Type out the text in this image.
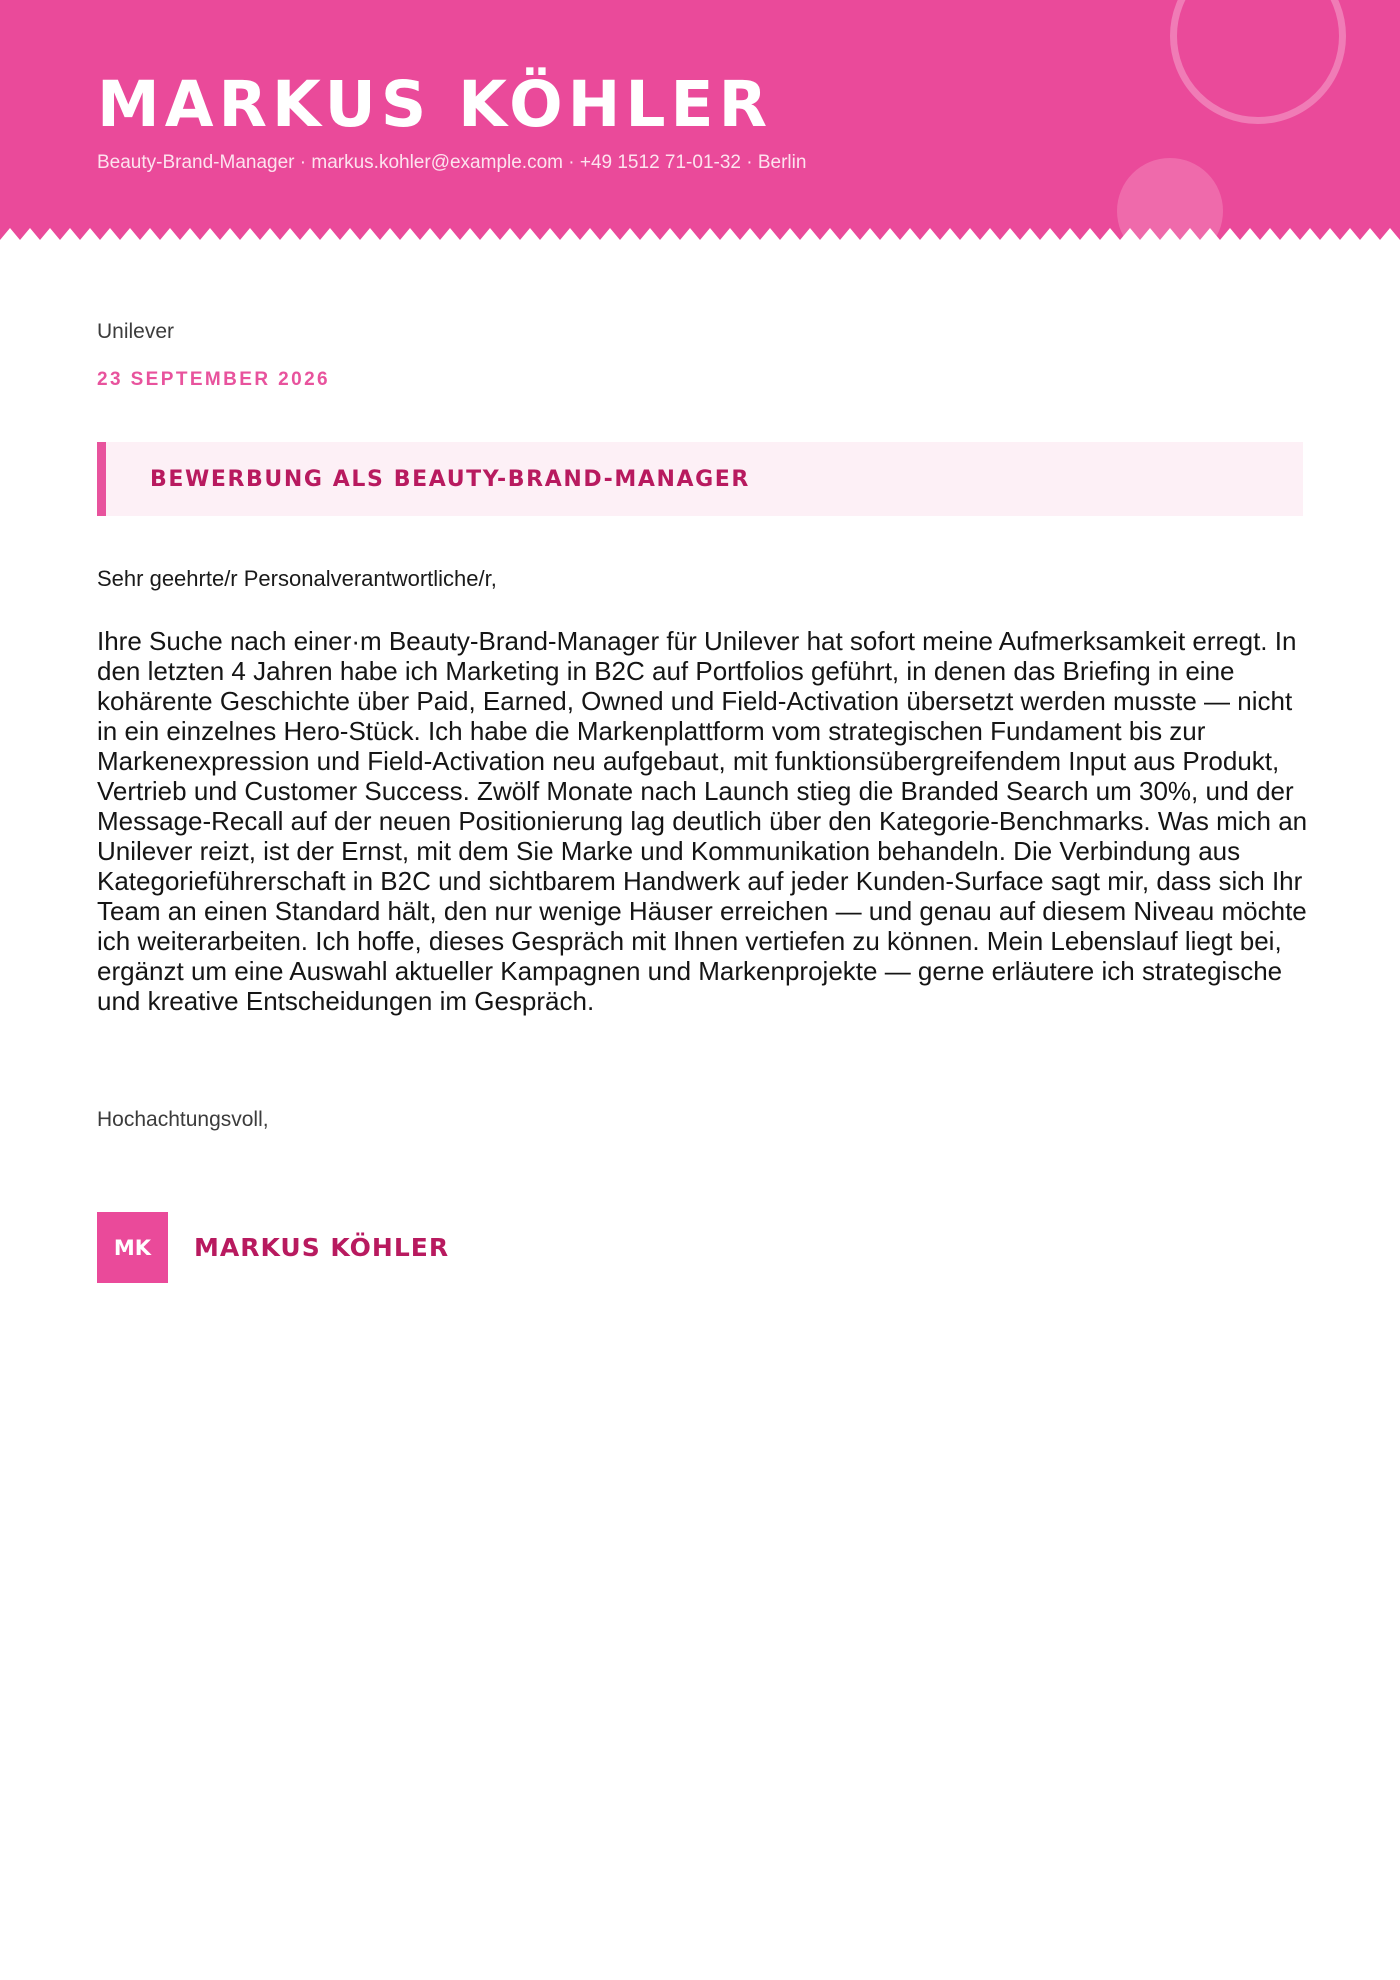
MARKUS KÖHLER
Beauty-Brand-Manager · markus.kohler@example.com · +49 1512 71-01-32 · Berlin
Unilever
23 SEPTEMBER 2026
BEWERBUNG ALS BEAUTY-BRAND-MANAGER
Sehr geehrte/r Personalverantwortliche/r,
Ihre Suche nach einer·m Beauty-Brand-Manager für Unilever hat sofort meine Aufmerksamkeit erregt. In den letzten 4 Jahren habe ich Marketing in B2C auf Portfolios geführt, in denen das Briefing in eine kohärente Geschichte über Paid, Earned, Owned und Field-Activation übersetzt werden musste — nicht in ein einzelnes Hero-Stück. Ich habe die Markenplattform vom strategischen Fundament bis zur Markenexpression und Field-Activation neu aufgebaut, mit funktionsübergreifendem Input aus Produkt, Vertrieb und Customer Success. Zwölf Monate nach Launch stieg die Branded Search um 30%, und der Message-Recall auf der neuen Positionierung lag deutlich über den Kategorie-Benchmarks. Was mich an Unilever reizt, ist der Ernst, mit dem Sie Marke und Kommunikation behandeln. Die Verbindung aus Kategorieführerschaft in B2C und sichtbarem Handwerk auf jeder Kunden-Surface sagt mir, dass sich Ihr Team an einen Standard hält, den nur wenige Häuser erreichen — und genau auf diesem Niveau möchte ich weiterarbeiten. Ich hoffe, dieses Gespräch mit Ihnen vertiefen zu können. Mein Lebenslauf liegt bei, ergänzt um eine Auswahl aktueller Kampagnen und Markenprojekte — gerne erläutere ich strategische und kreative Entscheidungen im Gespräch.
Hochachtungsvoll,
MK	MARKUS KÖHLER
